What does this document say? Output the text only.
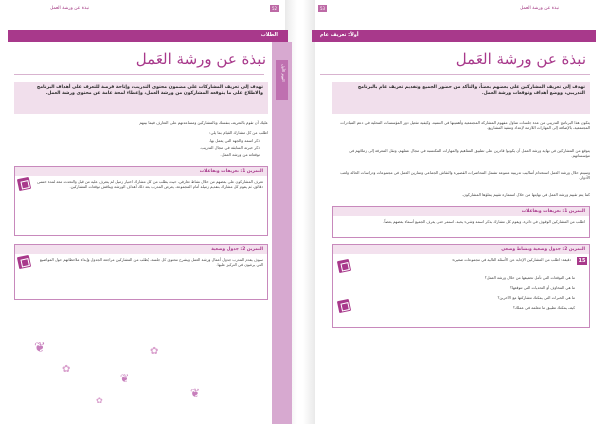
نبذة عن ورشة العمل	52	53	نبذة عن ورشة العمل
الطلاب	أولاً: تعريف عام
اليوم الأول
نبذة عن ورشة العَمل
تهدف إلى تعريف المشاركات على مضمون محتوى التدريب، وإتاحة فرصة للتعرف على أهداف البرنامج والاطلاع على ما يتوقعه المشاركون من ورشة العمل، وإعطاء لمحة عامة عن محتوى ورشة العمل.
عليك أن تقوم بالتعريف بنفسك وبالمشاركين ومساعدتهم على التعارف فيما بينهم
اطلب من كل مشارك القيام بما يلي:
ذكر اسمه والجهة التي يعمل بها.
ذكر خبرته السابقة في مجال التدريب.
توقعاته من ورشة العمل.
التمرين 1: تعريفات وتفاعلات
تعرف المشاركون على بعضهم من خلال نشاط تعارفي، حيث يطلب من كل مشارك اختيار زميل لم يتعرف عليه من قبل والتحدث معه لمدة خمس دقائق، ثم يقوم كل مشارك بتقديم زميله أمام المجموعة. يعرض المدرب بعد ذلك أهداف الورشة ويناقش توقعات المشاركين.
التمرين 2: جدول وضعية
سوف يقدم المدرب جدول أعمال ورشة العمل ويشرح محتوى كل جلسة. يُطلب من المشاركين مراجعة الجدول وإبداء ملاحظاتهم حول المواضيع التي يرغبون في التركيز عليها.
❦
✿
❦
✿
❦
✿
نبذة عن ورشة العَمل
تهدف إلى تعريف المشاركين على بعضهم بعضاً، والتأكد من حضور الجميع وتقديم تعريف عام بالبرنامج التدريبي، ووضع أهداف وتوقعات ورشة العمل.
يتكون هذا البرنامج التدريبي من عدة جلسات تتناول مفهوم المشاركة المجتمعية وأهميتها في التنمية، وكيفية تفعيل دور المؤسسات المحلية في دعم المبادرات المجتمعية، بالإضافة إلى المهارات اللازمة لإعداد وتنفيذ المشاريع.
يتوقع من المشاركين في نهاية ورشة العمل أن يكونوا قادرين على تطبيق المفاهيم والمهارات المكتسبة في مجال عملهم، ونقل المعرفة إلى زملائهم في مؤسساتهم.
وسيتم خلال ورشة العمل استخدام أساليب تدريبية متنوعة تشمل المحاضرات القصيرة والنقاش الجماعي وتمارين العمل في مجموعات ودراسات الحالة ولعب الأدوار.
كما يتم تقييم ورشة العمل في نهايتها من خلال استمارة تقييم يملؤها المشاركون.
التمرين 1: تعريفات وتفاعلات
اطلب من المشاركين الوقوف في دائرة، ويقوم كل مشارك بذكر اسمه وشيء يحبه. استمر حتى يعرف الجميع أسماء بعضهم بعضاً.
التمرين 2: جدول وضعية ونشاط وضعي
15
دقيقة: اطلب من المشاركين الإجابة عن الأسئلة التالية في مجموعات صغيرة:
ما هي التوقعات التي تأمل تحقيقها من خلال ورشة العمل؟
ما هي المخاوف أو التحديات التي تتوقعها؟
ما هي الخبرات التي يمكنك مشاركتها مع الآخرين؟
كيف يمكنك تطبيق ما تتعلمه في عملك؟
